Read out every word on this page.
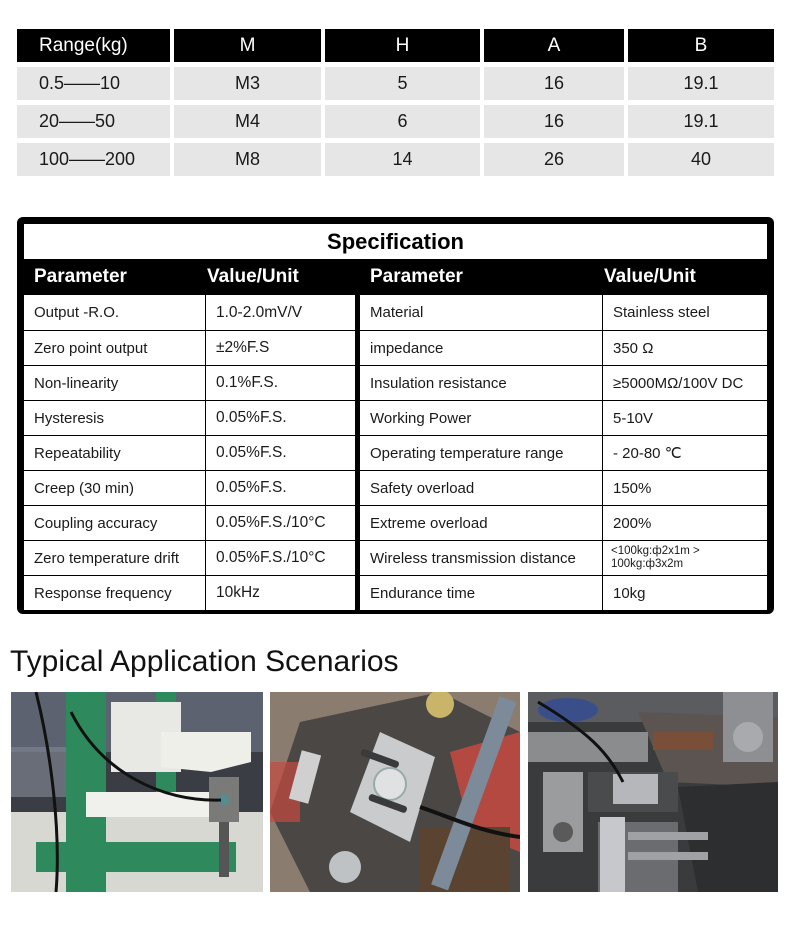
Range(kg)	M	H	A	B
0.5——10	M3	5	16	19.1
20——50	M4	6	16	19.1
100——200	M8	14	26	40
Specification
Parameter	Value/Unit
Output -R.O.	1.0-2.0mV/V
Zero point output	±2%F.S
Non-linearity	0.1%F.S.
Hysteresis	0.05%F.S.
Repeatability	0.05%F.S.
Creep (30 min)	0.05%F.S.
Coupling accuracy	0.05%F.S./10°C
Zero temperature drift	0.05%F.S./10°C
Response frequency	10kHz
Parameter	Value/Unit
Material	Stainless steel
impedance	350 Ω
Insulation resistance	≥5000MΩ/100V DC
Working Power	5-10V
Operating temperature range	- 20-80 ℃
Safety overload	150%
Extreme overload	200%
Wireless transmission distance	<100kg:ф2x1m >
100kg:ф3x2m
Endurance time	10kg
Typical Application Scenarios
